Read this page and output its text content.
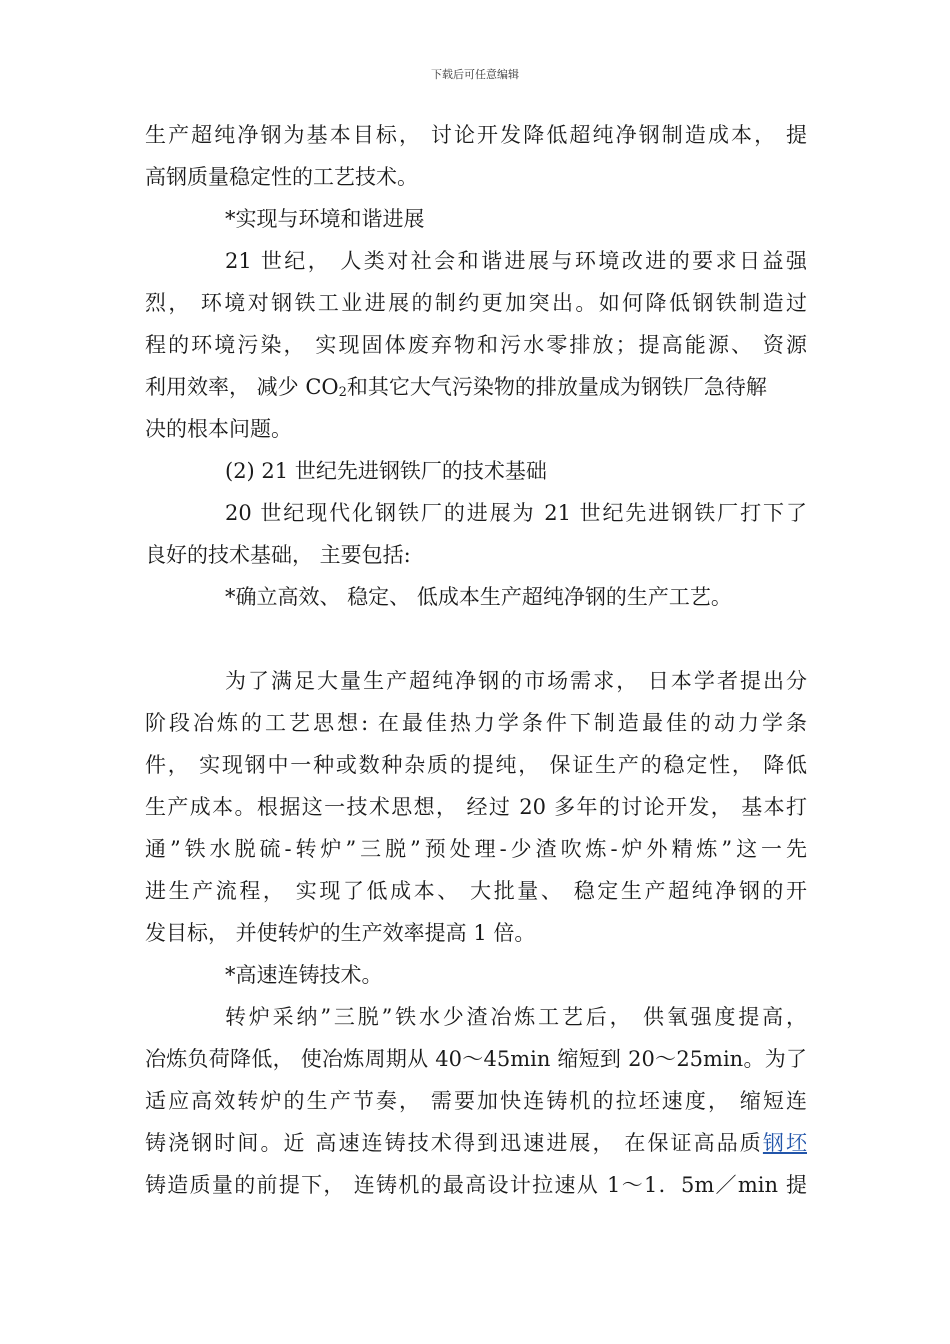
下载后可任意编辑
生产超纯净钢为基本目标， 讨论开发降低超纯净钢制造成本， 提
高钢质量稳定性的工艺技术。
*实现与环境和谐进展
21 世纪， 人类对社会和谐进展与环境改进的要求日益强
烈， 环境对钢铁工业进展的制约更加突出。如何降低钢铁制造过
程的环境污染， 实现固体废弃物和污水零排放；提高能源、 资源
利用效率， 减少 $CO_2$和其它大气污染物的排放量成为钢铁厂急待解
决的根本问题。
(2) 21 世纪先进钢铁厂的技术基础
20 世纪现代化钢铁厂的进展为 21 世纪先进钢铁厂打下了
良好的技术基础， 主要包括:
*确立高效、 稳定、 低成本生产超纯净钢的生产工艺。
为了满足大量生产超纯净钢的市场需求， 日本学者提出分
阶段冶炼的工艺思想: 在最佳热力学条件下制造最佳的动力学条
件， 实现钢中一种或数种杂质的提纯， 保证生产的稳定性， 降低
生产成本。根据这一技术思想， 经过 20 多年的讨论开发， 基本打
通”铁水脱硫-转炉”三脱”预处理-少渣吹炼-炉外精炼”这一先
进生产流程， 实现了低成本、 大批量、 稳定生产超纯净钢的开
发目标， 并使转炉的生产效率提高 1 倍。
*高速连铸技术。
转炉采纳”三脱”铁水少渣冶炼工艺后， 供氧强度提高，
冶炼负荷降低， 使冶炼周期从 40～45min 缩短到 20～25min。为了
适应高效转炉的生产节奏， 需要加快连铸机的拉坯速度， 缩短连
铸浇钢时间。近 高速连铸技术得到迅速进展， 在保证高品质钢坯
铸造质量的前提下， 连铸机的最高设计拉速从 1～1．5m／min 提
